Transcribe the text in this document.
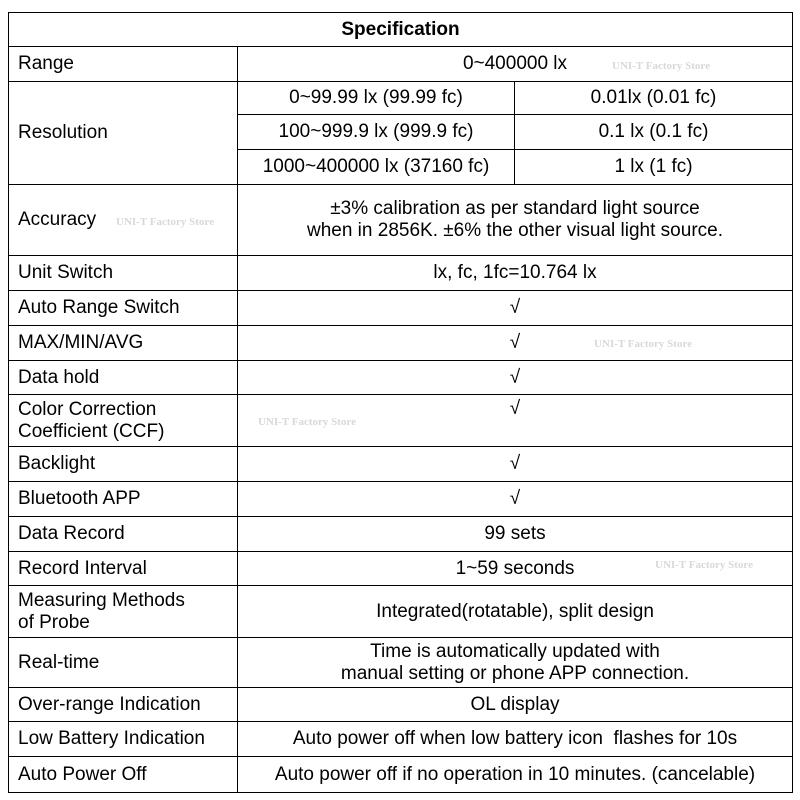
Specification		
Range	0~400000 lx	
Resolution	0~99.99 lx (99.99 fc)	0.01lx (0.01 fc)
	100~999.9 lx (999.9 fc)	0.1 lx (0.1 fc)
	1000~400000 lx (37160 fc)	1 lx (1 fc)
Accuracy	±3% calibration as per standard light source
when in 2856K. ±6% the other visual light source.	
Unit Switch	lx, fc, 1fc=10.764 lx	
Auto Range Switch	√	
MAX/MIN/AVG	√	
Data hold	√	
Color Correction
Coefficient (CCF)	√	
Backlight	√	
Bluetooth APP	√	
Data Record	99 sets	
Record Interval	1~59 seconds	
Measuring Methods
of Probe	Integrated(rotatable), split design	
Real-time	Time is automatically updated with
manual setting or phone APP connection.	
Over-range Indication	OL display	
Low Battery Indication	Auto power off when low battery icon  flashes for 10s	
Auto Power Off	Auto power off if no operation in 10 minutes. (cancelable)	
UNI-T Factory Store
UNI-T Factory Store
UNI-T Factory Store
UNI-T Factory Store
UNI-T Factory Store
